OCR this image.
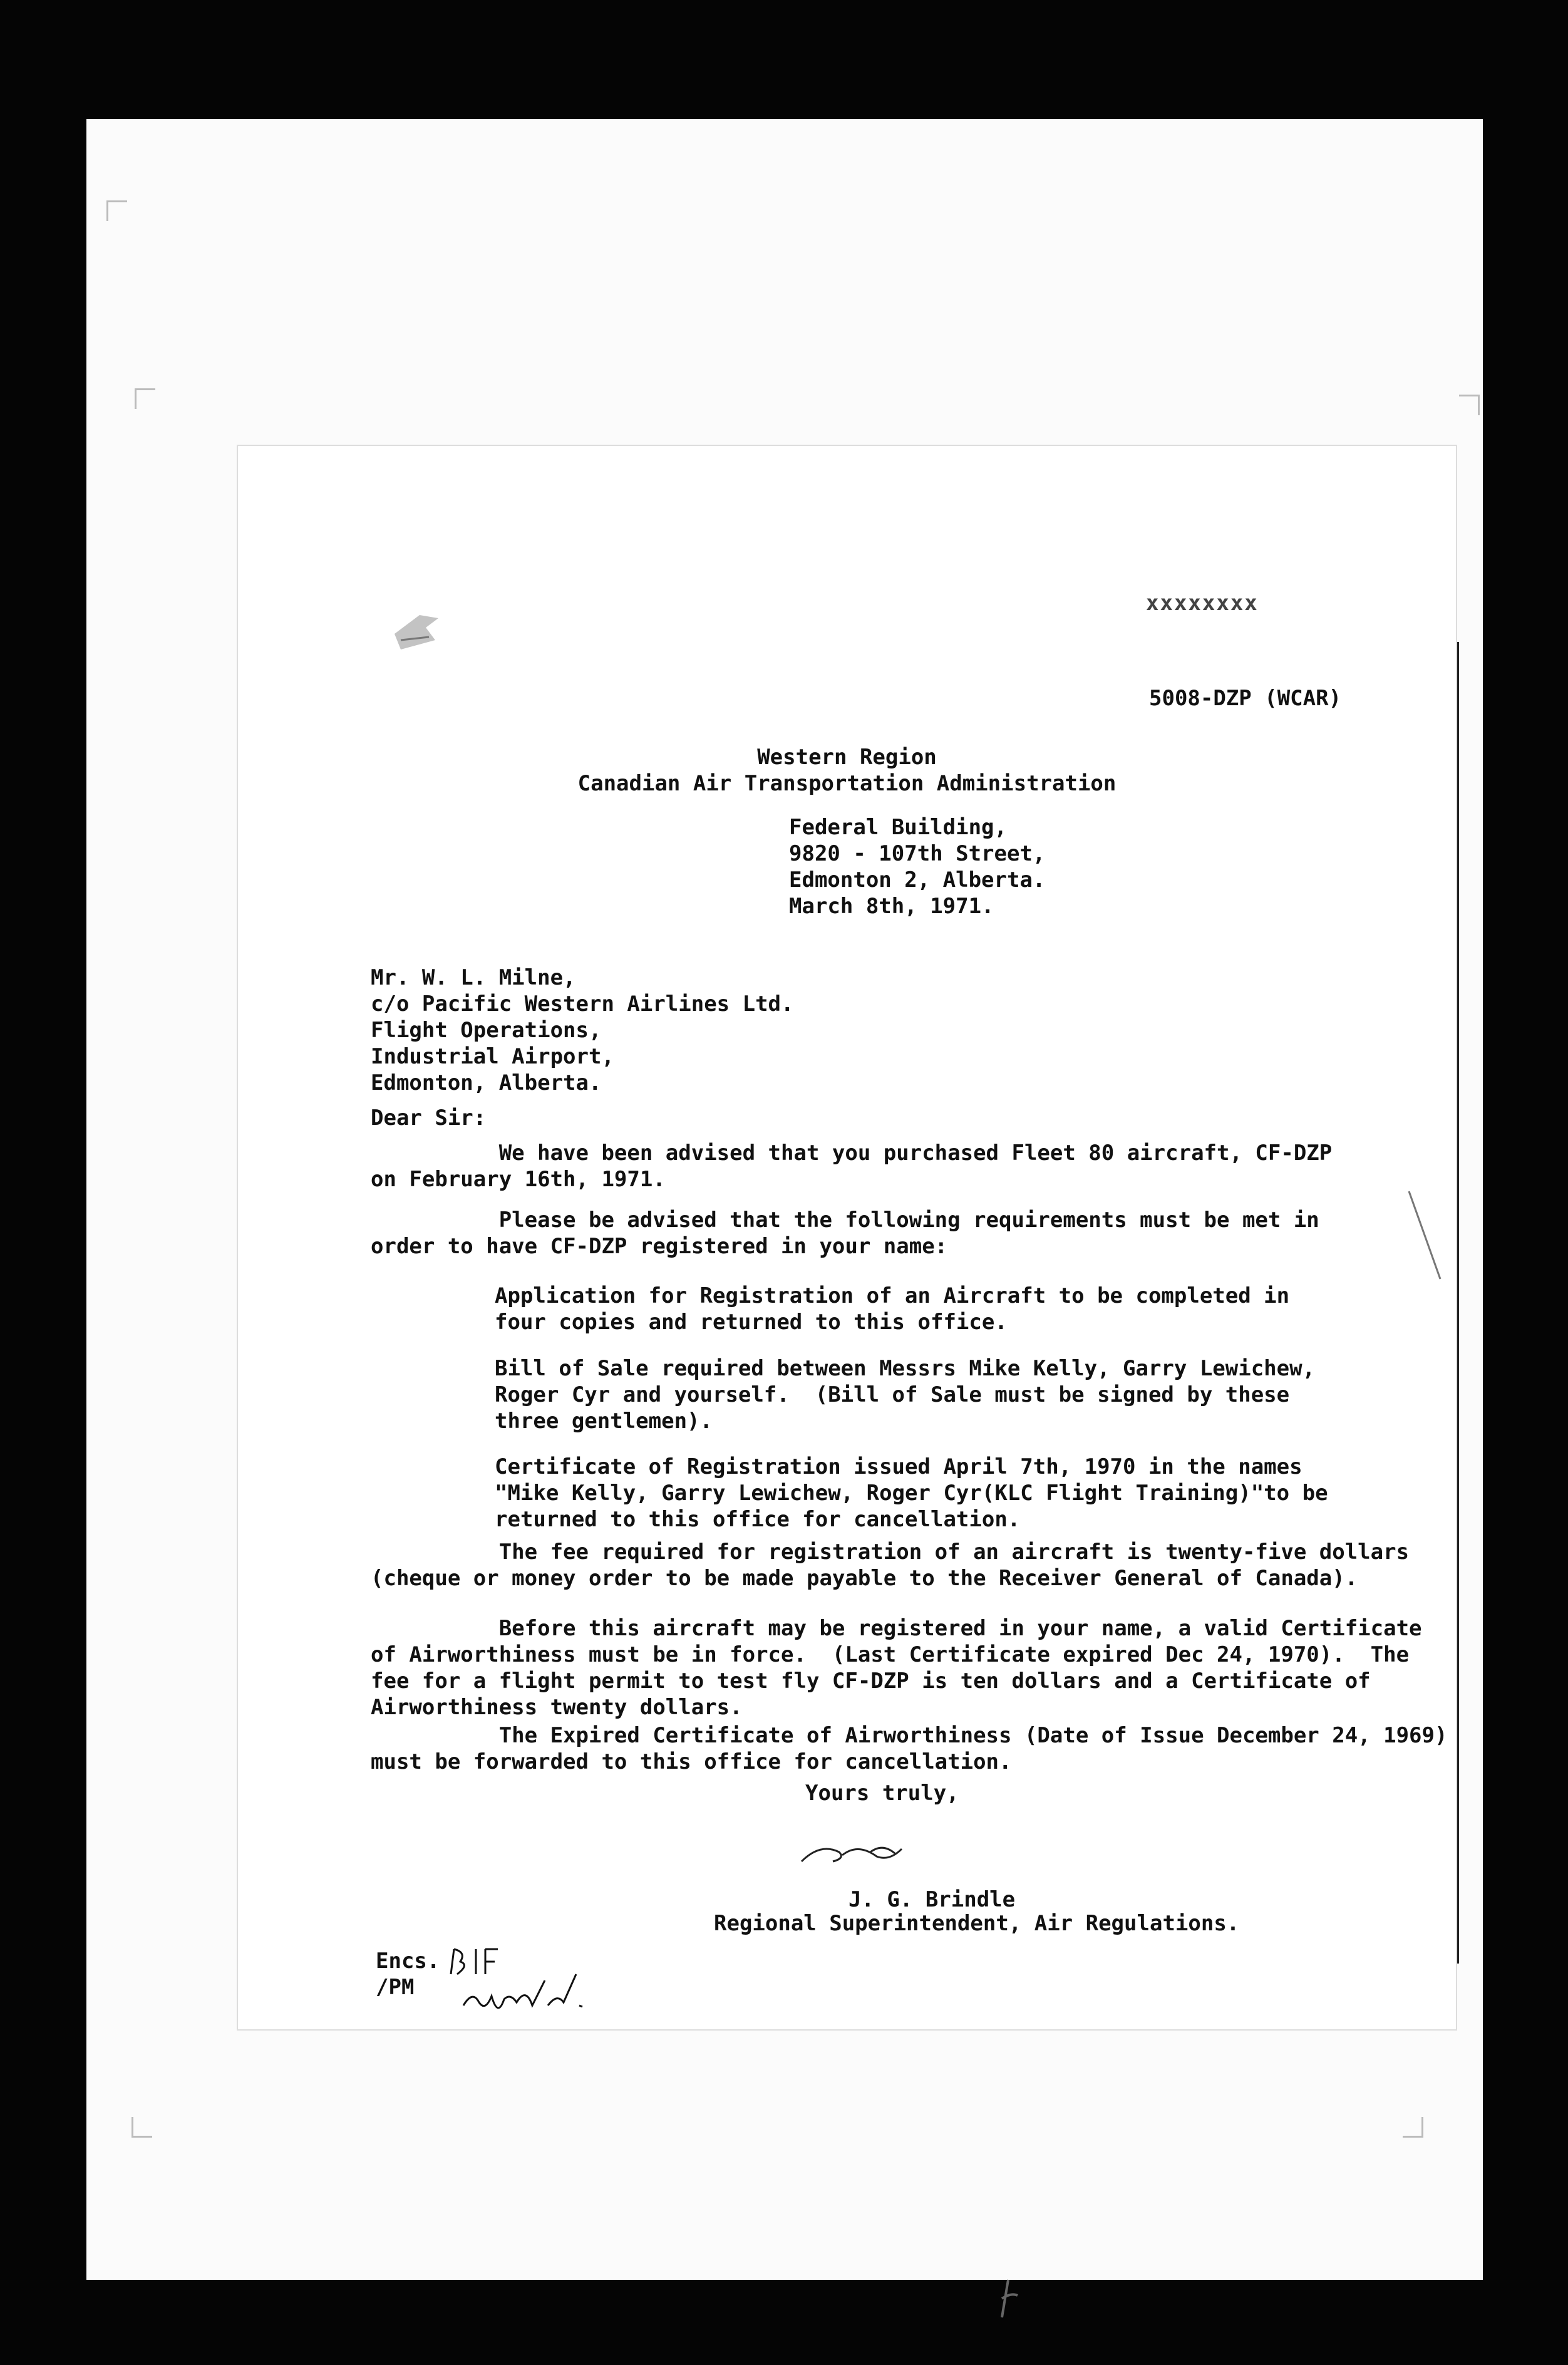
xxxxxxxx
5008-DZP (WCAR)
Western Region
Canadian Air Transportation Administration
Federal Building,
9820 - 107th Street,
Edmonton 2, Alberta.
March 8th, 1971.
Mr. W. L. Milne,
c/o Pacific Western Airlines Ltd.
Flight Operations,
Industrial Airport,
Edmonton, Alberta.
Dear Sir:
We have been advised that you purchased Fleet 80 aircraft, CF-DZP
on February 16th, 1971.
Please be advised that the following requirements must be met in
order to have CF-DZP registered in your name:
Application for Registration of an Aircraft to be completed in
four copies and returned to this office.
Bill of Sale required between Messrs Mike Kelly, Garry Lewichew,
Roger Cyr and yourself.  (Bill of Sale must be signed by these
three gentlemen).
Certificate of Registration issued April 7th, 1970 in the names
"Mike Kelly, Garry Lewichew, Roger Cyr(KLC Flight Training)"to be
returned to this office for cancellation.
The fee required for registration of an aircraft is twenty-five dollars
(cheque or money order to be made payable to the Receiver General of Canada).
Before this aircraft may be registered in your name, a valid Certificate
of Airworthiness must be in force.  (Last Certificate expired Dec 24, 1970).  The
fee for a flight permit to test fly CF-DZP is ten dollars and a Certificate of
Airworthiness twenty dollars.
The Expired Certificate of Airworthiness (Date of Issue December 24, 1969)
must be forwarded to this office for cancellation.
Yours truly,
J. G. Brindle
Regional Superintendent, Air Regulations.
Encs.
/PM
